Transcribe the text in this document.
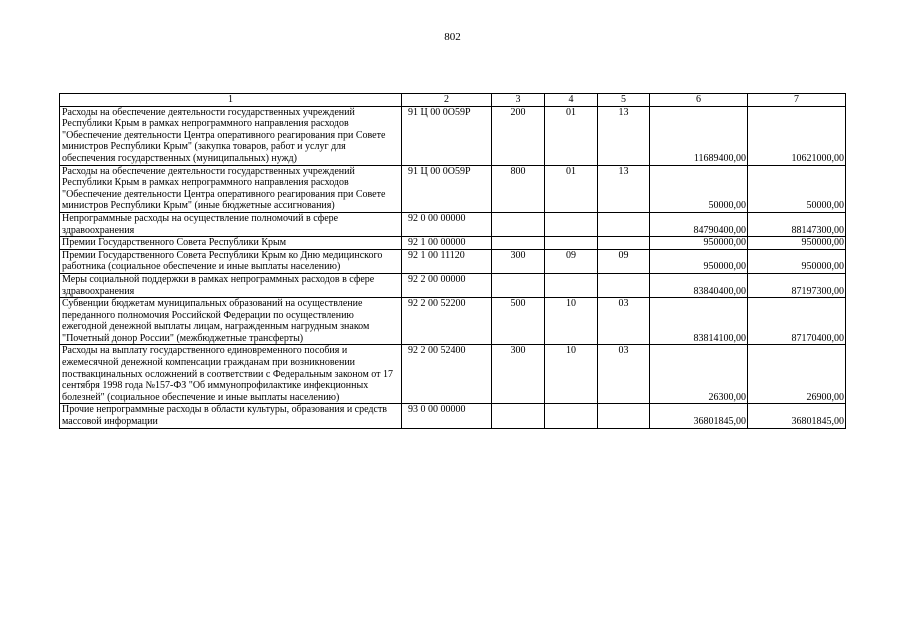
802
1	2	3	4	5	6	7
Расходы на обеспечение деятельности государственных учреждений Республики Крым в рамках непрограммного направления расходов "Обеспечение деятельности Центра оперативного реагирования при Совете министров Республики Крым" (закупка товаров, работ и услуг для обеспечения государственных (муниципальных) нужд)	91 Ц 00 0О59Р	200	01	13	11689400,00	10621000,00
Расходы на обеспечение деятельности государственных учреждений Республики Крым в рамках непрограммного направления расходов "Обеспечение деятельности Центра оперативного реагирования при Совете министров Республики Крым" (иные бюджетные ассигнования)	91 Ц 00 0О59Р	800	01	13	50000,00	50000,00
Непрограммные расходы на осуществление полномочий в сфере здравоохранения	92 0 00 00000				84790400,00	88147300,00
Премии Государственного Совета Республики Крым	92 1 00 00000				950000,00	950000,00
Премии Государственного Совета Республики Крым ко Дню медицинского работника (социальное обеспечение и иные выплаты населению)	92 1 00 11120	300	09	09	950000,00	950000,00
Меры социальной поддержки в рамках непрограммных расходов в сфере здравоохранения	92 2 00 00000				83840400,00	87197300,00
Субвенции бюджетам муниципальных образований на осуществление переданного полномочия Российской Федерации по осуществлению ежегодной денежной выплаты лицам, награжденным нагрудным знаком "Почетный донор России" (межбюджетные трансферты)	92 2 00 52200	500	10	03	83814100,00	87170400,00
Расходы на выплату государственного единовременного пособия и ежемесячной денежной компенсации гражданам при возникновении поствакцинальных осложнений в соответствии с Федеральным законом от 17 сентября 1998 года №157-ФЗ "Об иммунопрофилактике инфекционных болезней" (социальное обеспечение и иные выплаты населению)	92 2 00 52400	300	10	03	26300,00	26900,00
Прочие непрограммные расходы в области культуры, образования и средств массовой информации	93 0 00 00000				36801845,00	36801845,00
